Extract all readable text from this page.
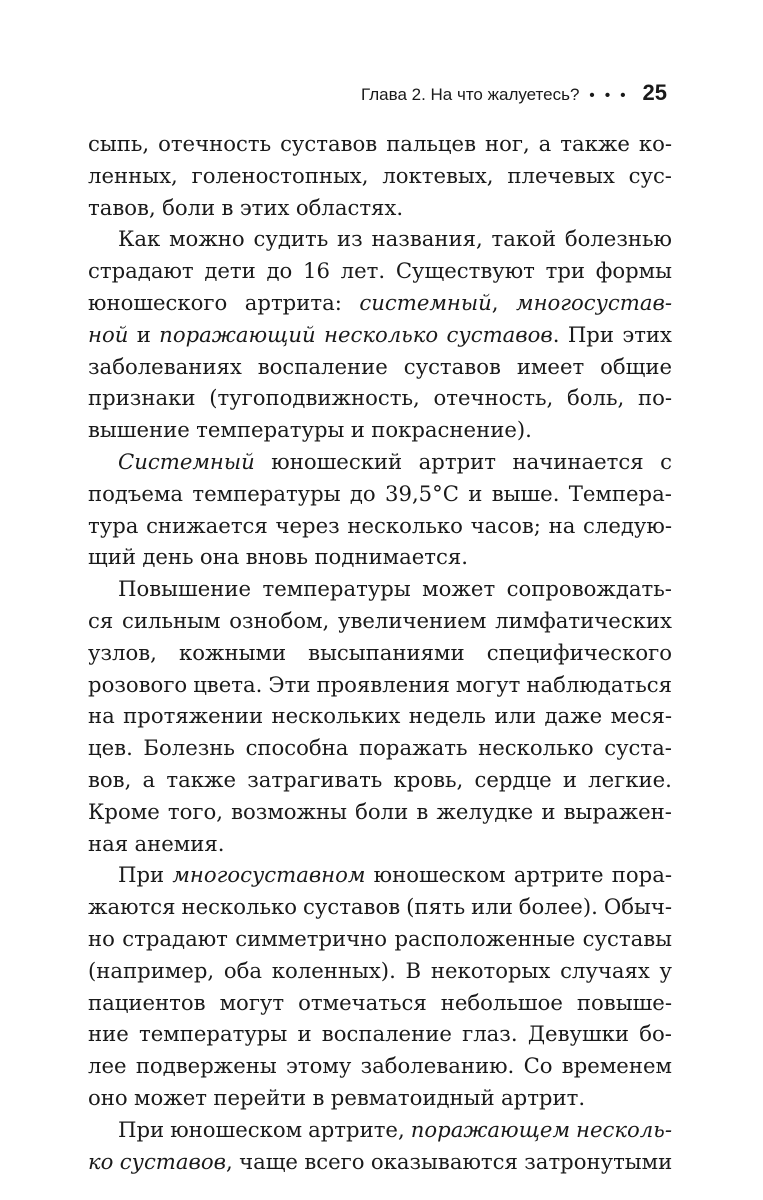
Глава 2. На что жалуетесь? • • • 25
сыпь, отечность суставов пальцев ног, а также ко-
ленных, голеностопных, локтевых, плечевых сус-
тавов, боли в этих областях.
Как можно судить из названия, такой болезнью
страдают дети до 16 лет. Существуют три формы
юношеского артрита: системный, многосустав-
ной и поражающий несколько суставов. При этих
заболеваниях воспаление суставов имеет общие
признаки (тугоподвижность, отечность, боль, по-
вышение температуры и покраснение).
Системный юношеский артрит начинается с
подъема температуры до 39,5°С и выше. Темпера-
тура снижается через несколько часов; на следую-
щий день она вновь поднимается.
Повышение температуры может сопровождать-
ся сильным ознобом, увеличением лимфатических
узлов, кожными высыпаниями специфического
розового цвета. Эти проявления могут наблюдаться
на протяжении нескольких недель или даже меся-
цев. Болезнь способна поражать несколько суста-
вов, а также затрагивать кровь, сердце и легкие.
Кроме того, возможны боли в желудке и выражен-
ная анемия.
При многосуставном юношеском артрите пора-
жаются несколько суставов (пять или более). Обыч-
но страдают симметрично расположенные суставы
(например, оба коленных). В некоторых случаях у
пациентов могут отмечаться небольшое повыше-
ние температуры и воспаление глаз. Девушки бо-
лее подвержены этому заболеванию. Со временем
оно может перейти в ревматоидный артрит.
При юношеском артрите, поражающем несколь-
ко суставов, чаще всего оказываются затронутыми
